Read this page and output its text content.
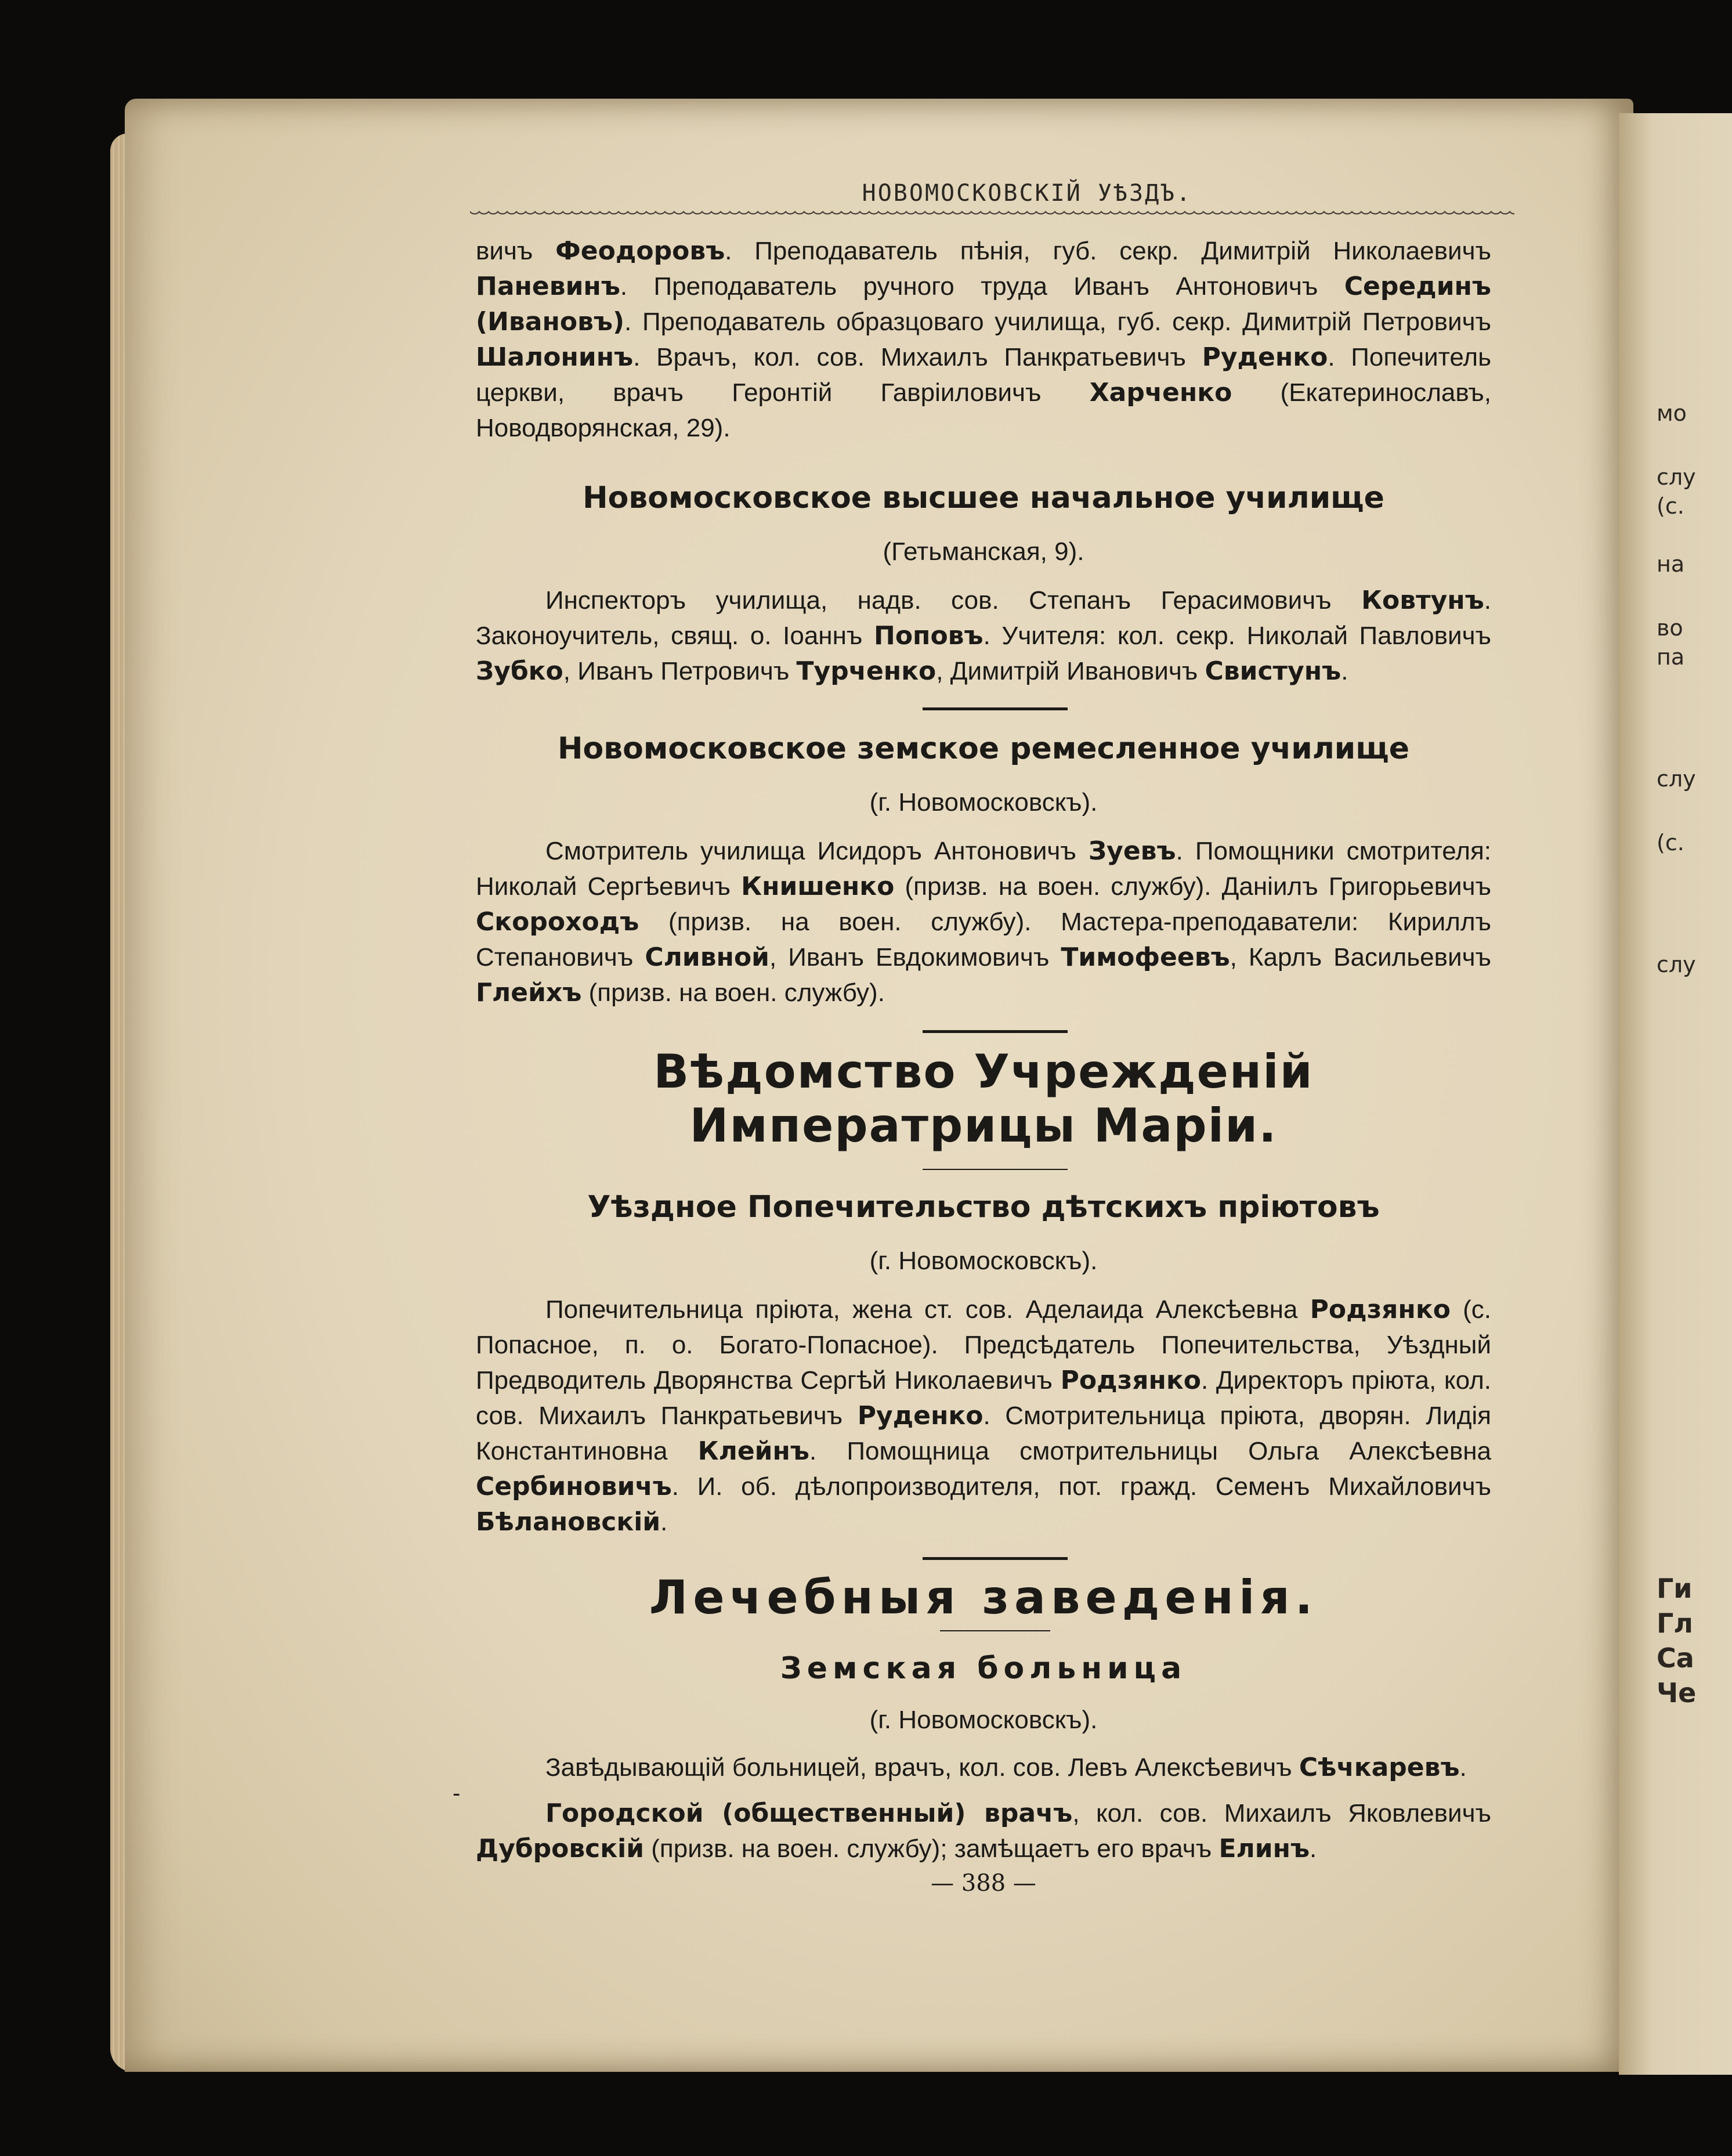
мо
слу
(с.
на
во
па
слу
(с.
слу
Ги
Гл
Са
Че
-
НОВОМОСКОВСКІЙ УѢЗДЪ.

вичъ Феодоровъ. Преподаватель пѣнія, губ. секр. Димитрій Николаевичъ Паневинъ. Преподаватель ручного труда Иванъ Антоновичъ Серединъ (Ивановъ). Преподаватель образцоваго училища, губ. секр. Димитрій Петровичъ Шалонинъ. Врачъ, кол. сов. Михаилъ Панкратьевичъ Руденко. Попечитель церкви, врачъ Геронтій Гавріиловичъ Харченко (Екатеринославъ, Новодворянская, 29).

Новомосковское высшее начальное училище
(Гетьманская, 9).

Инспекторъ училища, надв. сов. Степанъ Герасимовичъ Ковтунъ. Законоучитель, свящ. о. Іоаннъ Поповъ. Учителя: кол. секр. Николай Павловичъ Зубко, Иванъ Петровичъ Турченко, Димитрій Ивановичъ Свистунъ.

Новомосковское земское ремесленное училище
(г. Новомосковскъ).

Смотритель училища Исидоръ Антоновичъ Зуевъ. Помощники смотрителя: Николай Сергѣевичъ Книшенко (призв. на воен. службу). Даніилъ Григорьевичъ Скороходъ (призв. на воен. службу). Мастера-преподаватели: Кириллъ Степановичъ Сливной, Иванъ Евдокимовичъ Тимофеевъ, Карлъ Васильевичъ Глейхъ (призв. на воен. службу).

Вѣдомство Учрежденій Императрицы Маріи.
Уѣздное Попечительство дѣтскихъ пріютовъ
(г. Новомосковскъ).

Попечительница пріюта, жена ст. сов. Аделаида Алексѣевна Родзянко (с. Попасное, п. о. Богато-Попасное). Предсѣдатель Попечительства, Уѣздный Предводитель Дворянства Сергѣй Николаевичъ Родзянко. Директоръ пріюта, кол. сов. Михаилъ Панкратьевичъ Руденко. Смотрительница пріюта, дворян. Лидія Константиновна Клейнъ. Помощница смотрительницы Ольга Алексѣевна Сербиновичъ. И. об. дѣлопроизводителя, пот. гражд. Семенъ Михайловичъ Бѣлановскій.

Лечебныя заведенія.
Земская больница
(г. Новомосковскъ).

Завѣдывающій больницей, врачъ, кол. сов. Левъ Алексѣевичъ Сѣчкаревъ.

Городской (общественный) врачъ, кол. сов. Михаилъ Яковлевичъ Дубровскій (призв. на воен. службу); замѣщаетъ его врачъ Елинъ.

— 388 —
